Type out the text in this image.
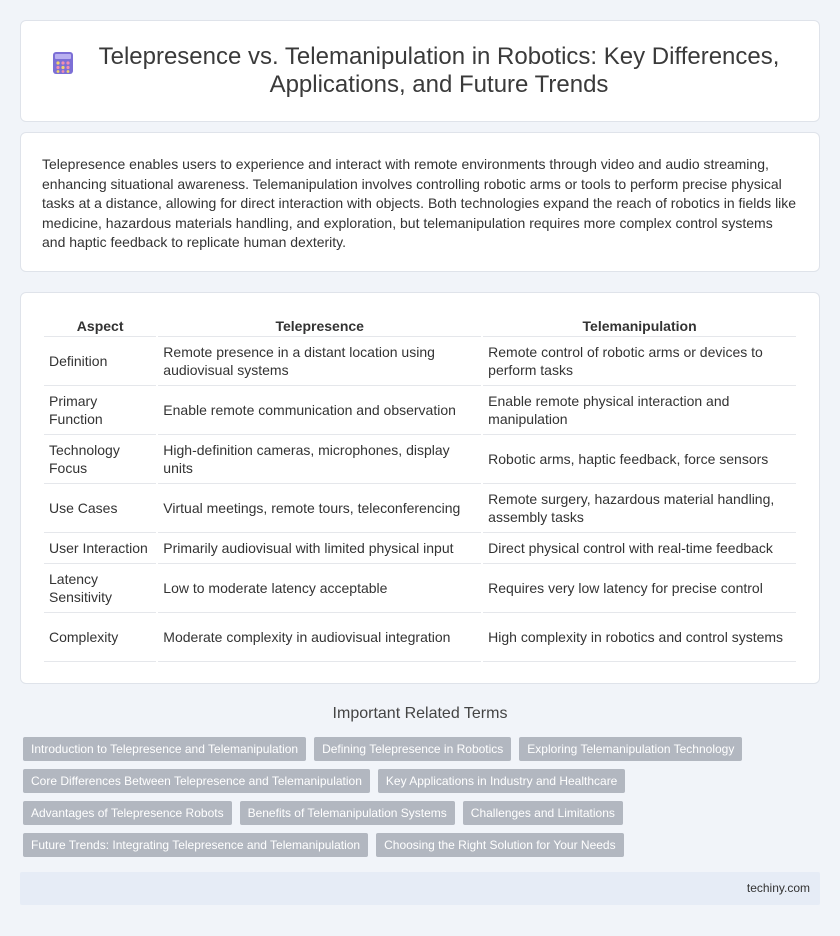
Telepresence vs. Telemanipulation in Robotics: Key Differences, Applications, and Future Trends

Telepresence enables users to experience and interact with remote environments through video and audio streaming, enhancing situational awareness. Telemanipulation involves controlling robotic arms or tools to perform precise physical tasks at a distance, allowing for direct interaction with objects. Both technologies expand the reach of robotics in fields like medicine, hazardous materials handling, and exploration, but telemanipulation requires more complex control systems and haptic feedback to replicate human dexterity.

Aspect	Telepresence	Telemanipulation
Definition	Remote presence in a distant location using audiovisual systems	Remote control of robotic arms or devices to perform tasks
Primary Function	Enable remote communication and observation	Enable remote physical interaction and manipulation
Technology Focus	High-definition cameras, microphones, display units	Robotic arms, haptic feedback, force sensors
Use Cases	Virtual meetings, remote tours, teleconferencing	Remote surgery, hazardous material handling, assembly tasks
User Interaction	Primarily audiovisual with limited physical input	Direct physical control with real-time feedback
Latency Sensitivity	Low to moderate latency acceptable	Requires very low latency for precise control
Complexity	Moderate complexity in audiovisual integration	High complexity in robotics and control systems
Important Related Terms
Introduction to Telepresence and Telemanipulation	Defining Telepresence in Robotics	Exploring Telemanipulation Technology
Core Differences Between Telepresence and Telemanipulation	Key Applications in Industry and Healthcare
Advantages of Telepresence Robots	Benefits of Telemanipulation Systems	Challenges and Limitations
Future Trends: Integrating Telepresence and Telemanipulation	Choosing the Right Solution for Your Needs
techiny.com
